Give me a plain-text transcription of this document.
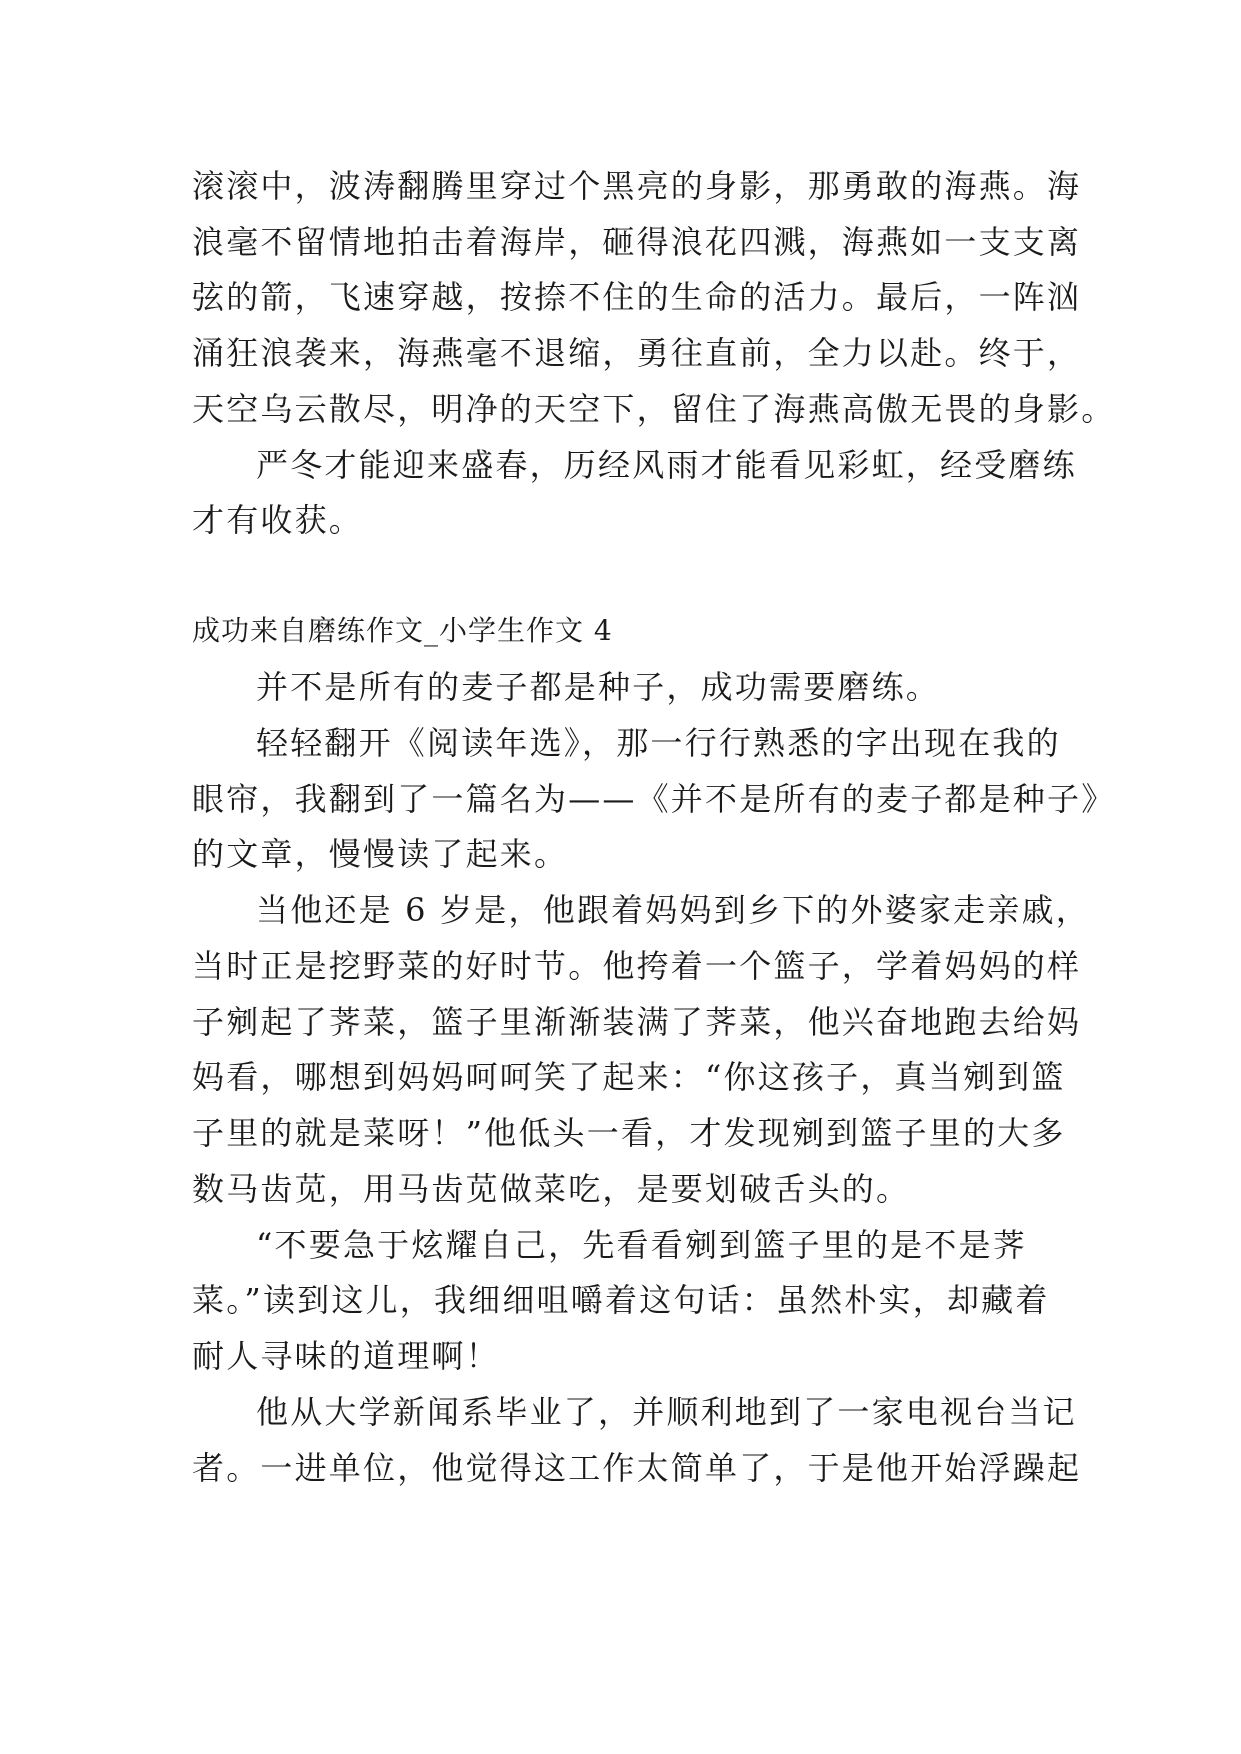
滚滚中，波涛翻腾里穿过个黑亮的身影，那勇敢的海燕。海
浪毫不留情地拍击着海岸，砸得浪花四溅，海燕如一支支离
弦的箭，飞速穿越，按捺不住的生命的活力。最后，一阵汹
涌狂浪袭来，海燕毫不退缩，勇往直前，全力以赴。终于，
天空乌云散尽，明净的天空下，留住了海燕高傲无畏的身影。
严冬才能迎来盛春，历经风雨才能看见彩虹，经受磨练
才有收获。
成功来自磨练作文_小学生作文 4
并不是所有的麦子都是种子，成功需要磨练。
轻轻翻开《阅读年选》，那一行行熟悉的字出现在我的
眼帘，我翻到了一篇名为——《并不是所有的麦子都是种子》
的文章，慢慢读了起来。
当他还是 6 岁是，他跟着妈妈到乡下的外婆家走亲戚，
当时正是挖野菜的好时节。他挎着一个篮子，学着妈妈的样
子剜起了荠菜，篮子里渐渐装满了荠菜，他兴奋地跑去给妈
妈看，哪想到妈妈呵呵笑了起来：“你这孩子，真当剜到篮
子里的就是菜呀！”他低头一看，才发现剜到篮子里的大多
数马齿苋，用马齿苋做菜吃，是要划破舌头的。
“不要急于炫耀自己，先看看剜到篮子里的是不是荠
菜。”读到这儿，我细细咀嚼着这句话：虽然朴实，却藏着
耐人寻味的道理啊！
他从大学新闻系毕业了，并顺利地到了一家电视台当记
者。一进单位，他觉得这工作太简单了，于是他开始浮躁起
